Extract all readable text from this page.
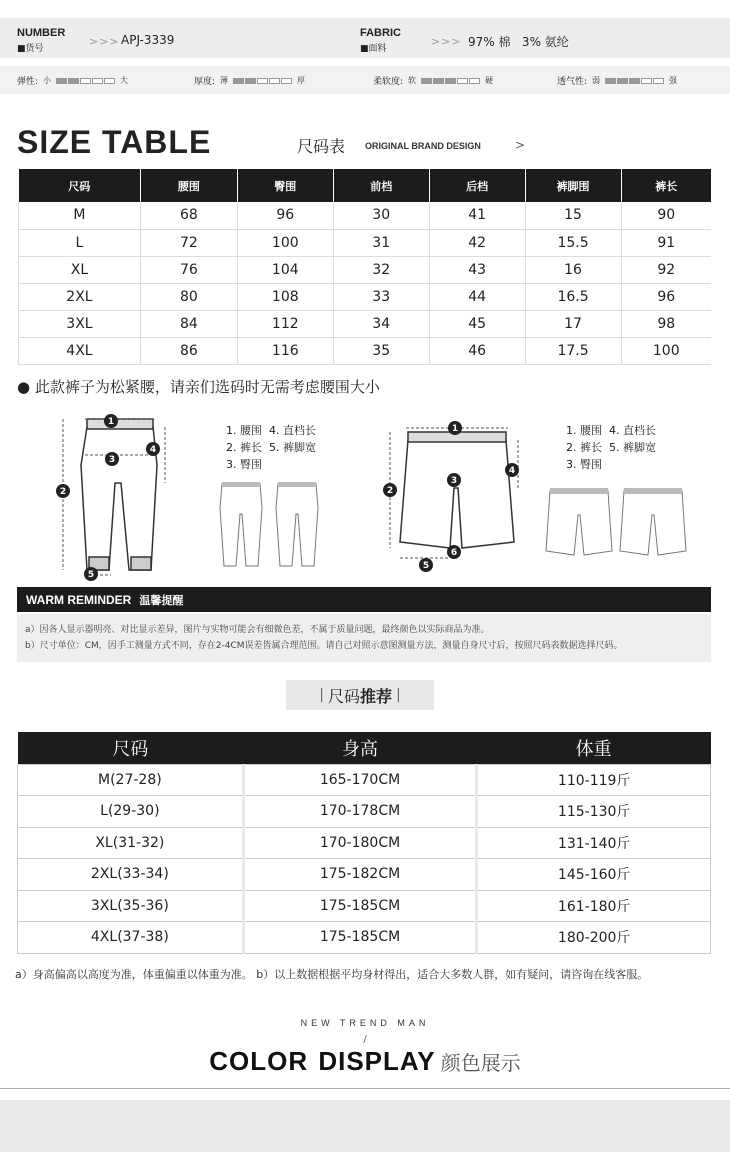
NUMBER
■货号
>>> APJ-3339	FABRIC
■面料
>>> 97% 棉   3% 氨纶
弹性: 小	大	厚度: 薄	厚	柔软度: 软	硬	透气性: 弱	强
SIZE TABLE	尺码表 ORIGINAL BRAND DESIGN	>
尺码	腰围	臀围	前档	后档	裤脚围	裤长
M	68	96	30	41	15	90
L	72	100	31	42	15.5	91
XL	76	104	32	43	16	92
2XL	80	108	33	44	16.5	96
3XL	84	112	34	45	17	98
4XL	86	116	35	46	17.5	100
● 此款裤子为松紧腰，请亲们选码时无需考虑腰围大小
1
2
3
4
5
1. 腰围 4. 直档长
2. 裤长 5. 裤脚宽
3. 臀围
1
2
3
4
5
6
1. 腰围 4. 直档长
2. 裤长 5. 裤脚宽
3. 臀围
WARM REMINDER 温馨提醒
a）因各人显示器明亮、对比显示差异，图片与实物可能会有细微色差，不属于质量问题，最终颜色以实际商品为准。
b）尺寸单位：CM，因手工测量方式不同，存在2-4CM误差皆属合理范围。请自己对照示意图测量方法，测量自身尺寸后，按照尺码表数据选择尺码。
| 尺码 推荐 |
尺码	身高	体重
M(27-28)	165-170CM	110-119斤
L(29-30)	170-178CM	115-130斤
XL(31-32)	170-180CM	131-140斤
2XL(33-34)	175-182CM	145-160斤
3XL(35-36)	175-185CM	161-180斤
4XL(37-38)	175-185CM	180-200斤
a）身高偏高以高度为准，体重偏重以体重为准。 b）以上数据根据平均身材得出，适合大多数人群，如有疑问，请咨询在线客服。
NEW TREND MAN
/
COLOR DISPLAY 颜色展示
